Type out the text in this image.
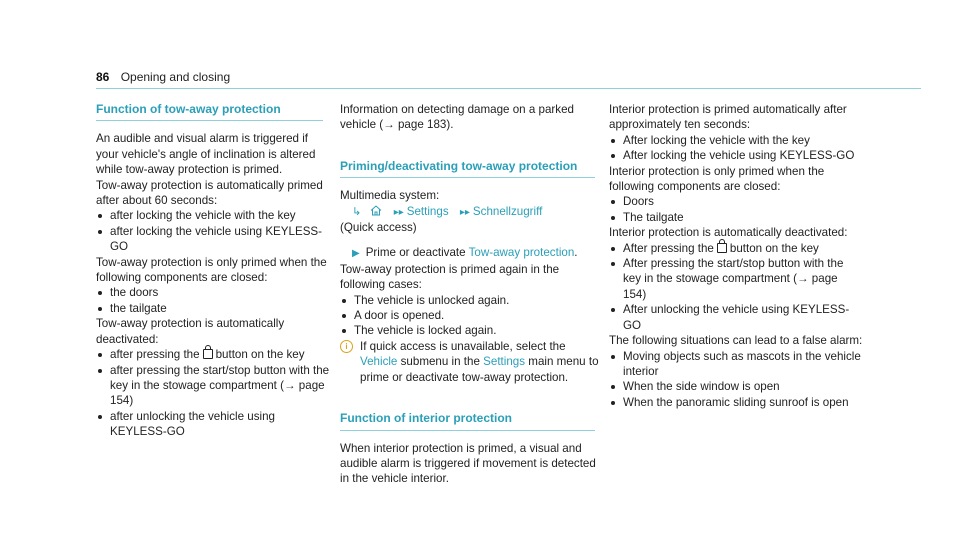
86 Opening and closing
Function of tow-away protection

An audible and visual alarm is triggered if your vehicle's angle of inclination is altered while tow-away protection is primed.

Tow-away protection is automatically primed after about 60 seconds:

after locking the vehicle with the key
after locking the vehicle using KEYLESS-GO

Tow-away protection is only primed when the following components are closed:

the doors
the tailgate

Tow-away protection is automatically deactivated:

after pressing the button on the key
after pressing the start/stop button with the key in the stowage compartment (→ page 154)
after unlocking the vehicle using KEYLESS-GO

Information on detecting damage on a parked vehicle (→ page 183).

Priming/deactivating tow-away protection

Multimedia system:

↳	▸▸ Settings ▸▸ Schnellzugriff

(Quick access)

▶ Prime or deactivate Tow-away protection.

Tow-away protection is primed again in the following cases:

The vehicle is unlocked again.
A door is opened.
The vehicle is locked again.
i	If quick access is unavailable, select the Vehicle submenu in the Settings main menu to prime or deactivate tow-away protection.
Function of interior protection

When interior protection is primed, a visual and audible alarm is triggered if movement is detected in the vehicle interior.

Interior protection is primed automatically after approximately ten seconds:

After locking the vehicle with the key
After locking the vehicle using KEYLESS-GO

Interior protection is only primed when the following components are closed:

Doors
The tailgate

Interior protection is automatically deactivated:

After pressing the button on the key
After pressing the start/stop button with the key in the stowage compartment (→ page 154)
After unlocking the vehicle using KEYLESS-GO

The following situations can lead to a false alarm:

Moving objects such as mascots in the vehicle interior
When the side window is open
When the panoramic sliding sunroof is open
